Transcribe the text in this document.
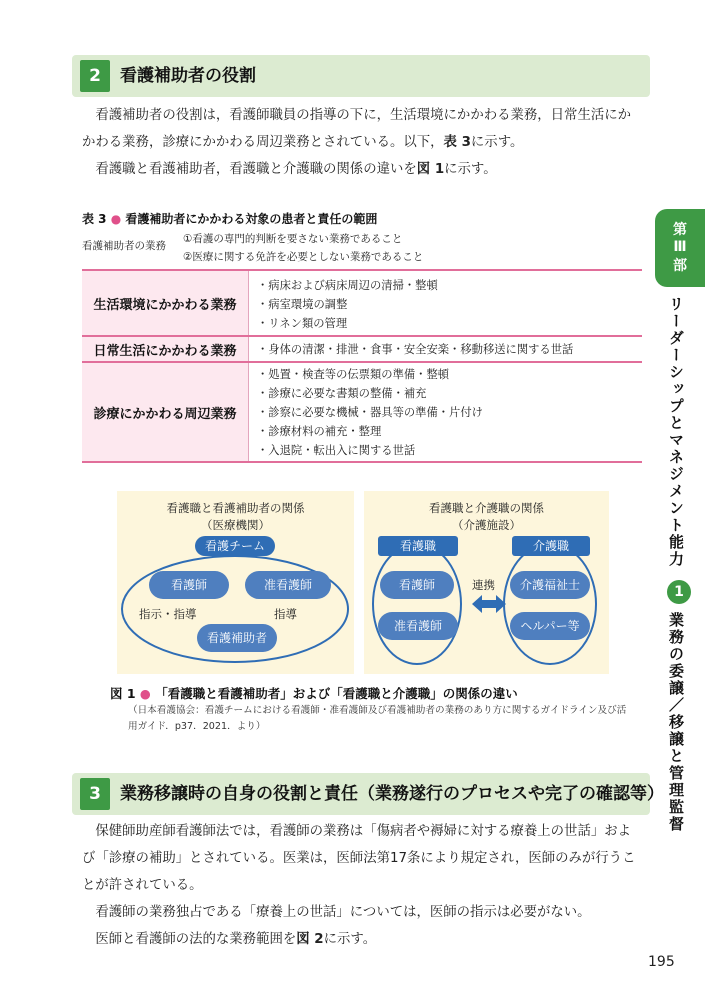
2	看護補助者の役割

看護補助者の役割は，看護師職員の指導の下に，生活環境にかかわる業務，日常生活にかかわる業務，診療にかかわる周辺業務とされている。以下，表 3に示す。

看護職と看護補助者，看護職と介護職の関係の違いを図 1に示す。

表 3 ● 看護補助者にかかわる対象の患者と責任の範囲
看護補助者の業務
①看護の専門的判断を要さない業務であること
②医療に関する免許を必要としない業務であること
生活環境にかかわる業務
・病床および病床周辺の清掃・整頓
・病室環境の調整
・リネン類の管理
日常生活にかかわる業務	・身体の清潔・排泄・食事・安全安楽・移動移送に関する世話
診療にかかわる周辺業務
・処置・検査等の伝票類の準備・整頓
・診療に必要な書類の整備・補充
・診察に必要な機械・器具等の準備・片付け
・診療材料の補充・整理
・入退院・転出入に関する世話
看護職と看護補助者の関係
（医療機関）
看護チーム
看護師	准看護師
指示・指導	指導
看護補助者
看護職と介護職の関係
（介護施設）
看護職	介護職
看護師
准看護師
連携	介護福祉士
ヘルパー等
図 1 ● 「看護職と看護補助者」および「看護職と介護職」の関係の違い
（日本看護協会：看護チームにおける看護師・准看護師及び看護補助者の業務のあり方に関するガイドライン及び活用ガイド．p37．2021．より）
3	業務移譲時の自身の役割と責任（業務遂行のプロセスや完了の確認等）

保健師助産師看護師法では，看護師の業務は「傷病者や褥婦に対する療養上の世話」および「診療の補助」とされている。医業は，医師法第17条により規定され，医師のみが行うことが許されている。

看護師の業務独占である「療養上の世話」については，医師の指示は必要がない。

医師と看護師の法的な業務範囲を図 2に示す。

第
Ⅲ
部
リーダーシップとマネジメント能力
1
業務の委譲／移譲と管理監督
195
